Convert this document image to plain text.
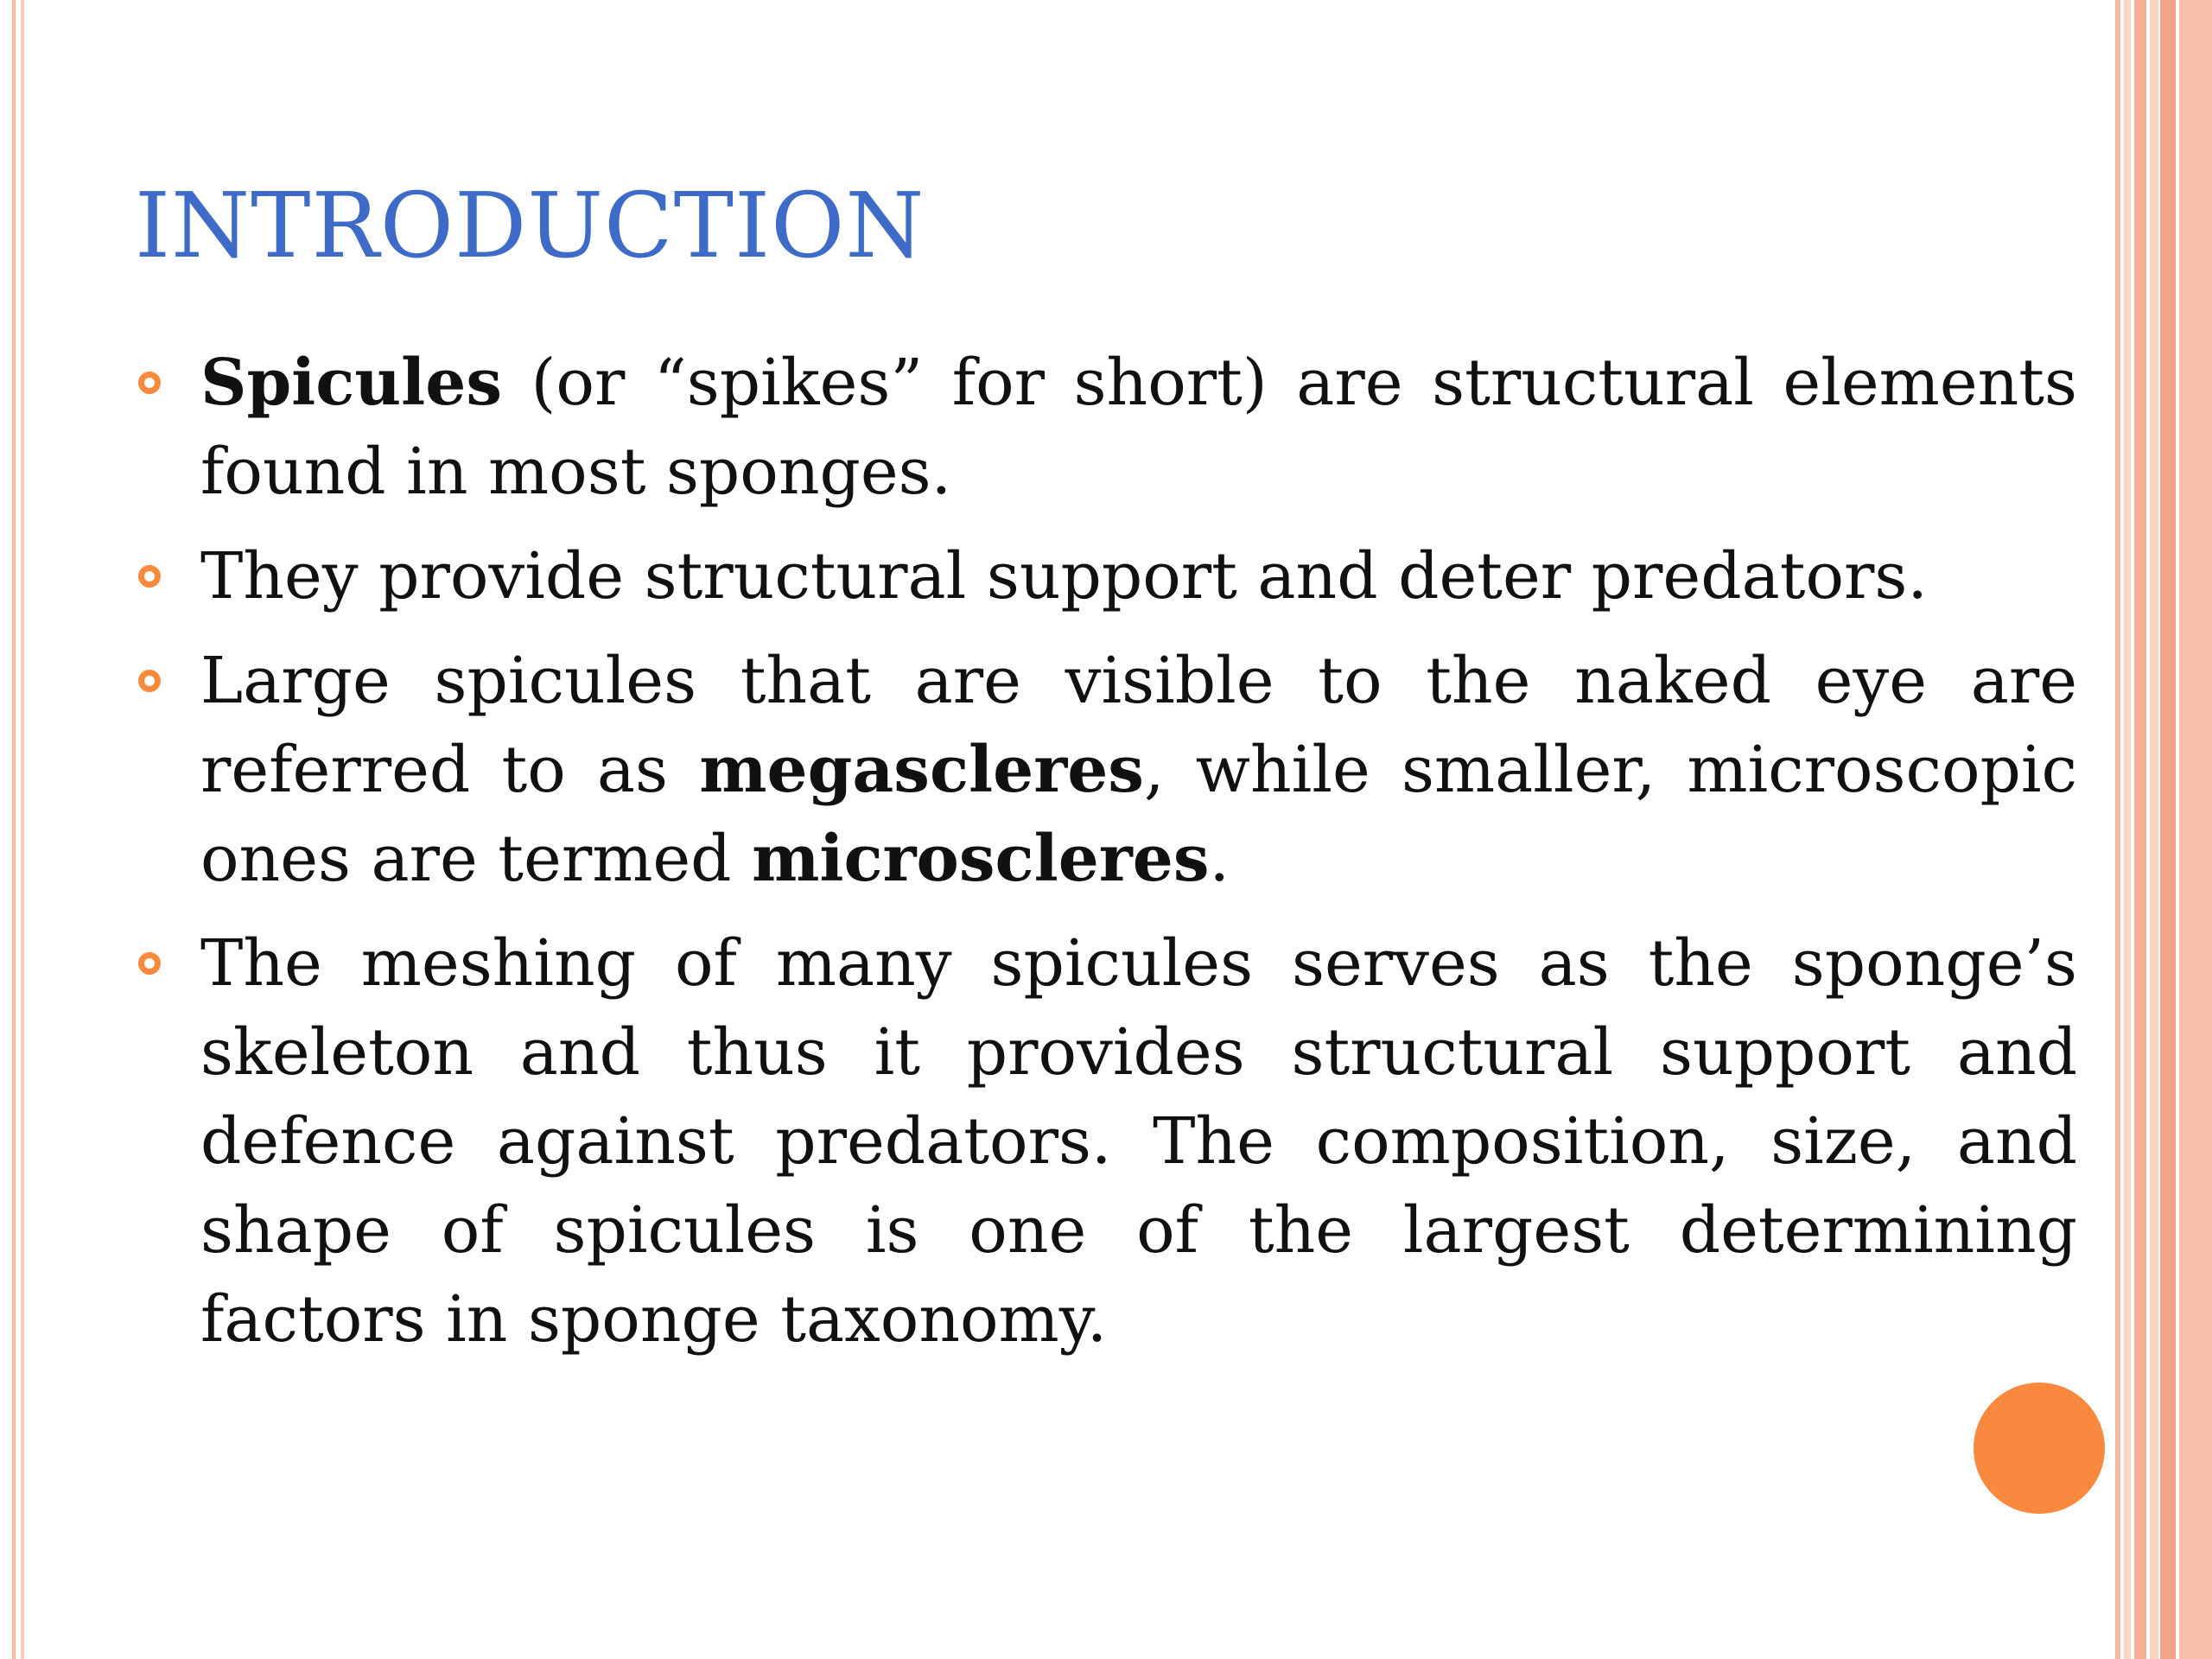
INTRODUCTION
Spicules (or “spikes” for short) are structural elements found in most sponges.
They provide structural support and deter predators.
Large spicules that are visible to the naked eye are referred to as megascleres, while smaller, microscopic ones are termed microscleres.
The meshing of many spicules serves as the sponge’s skeleton and thus it provides structural support and defence against predators. The composition, size, and shape of spicules is one of the largest determining factors in sponge taxonomy.
